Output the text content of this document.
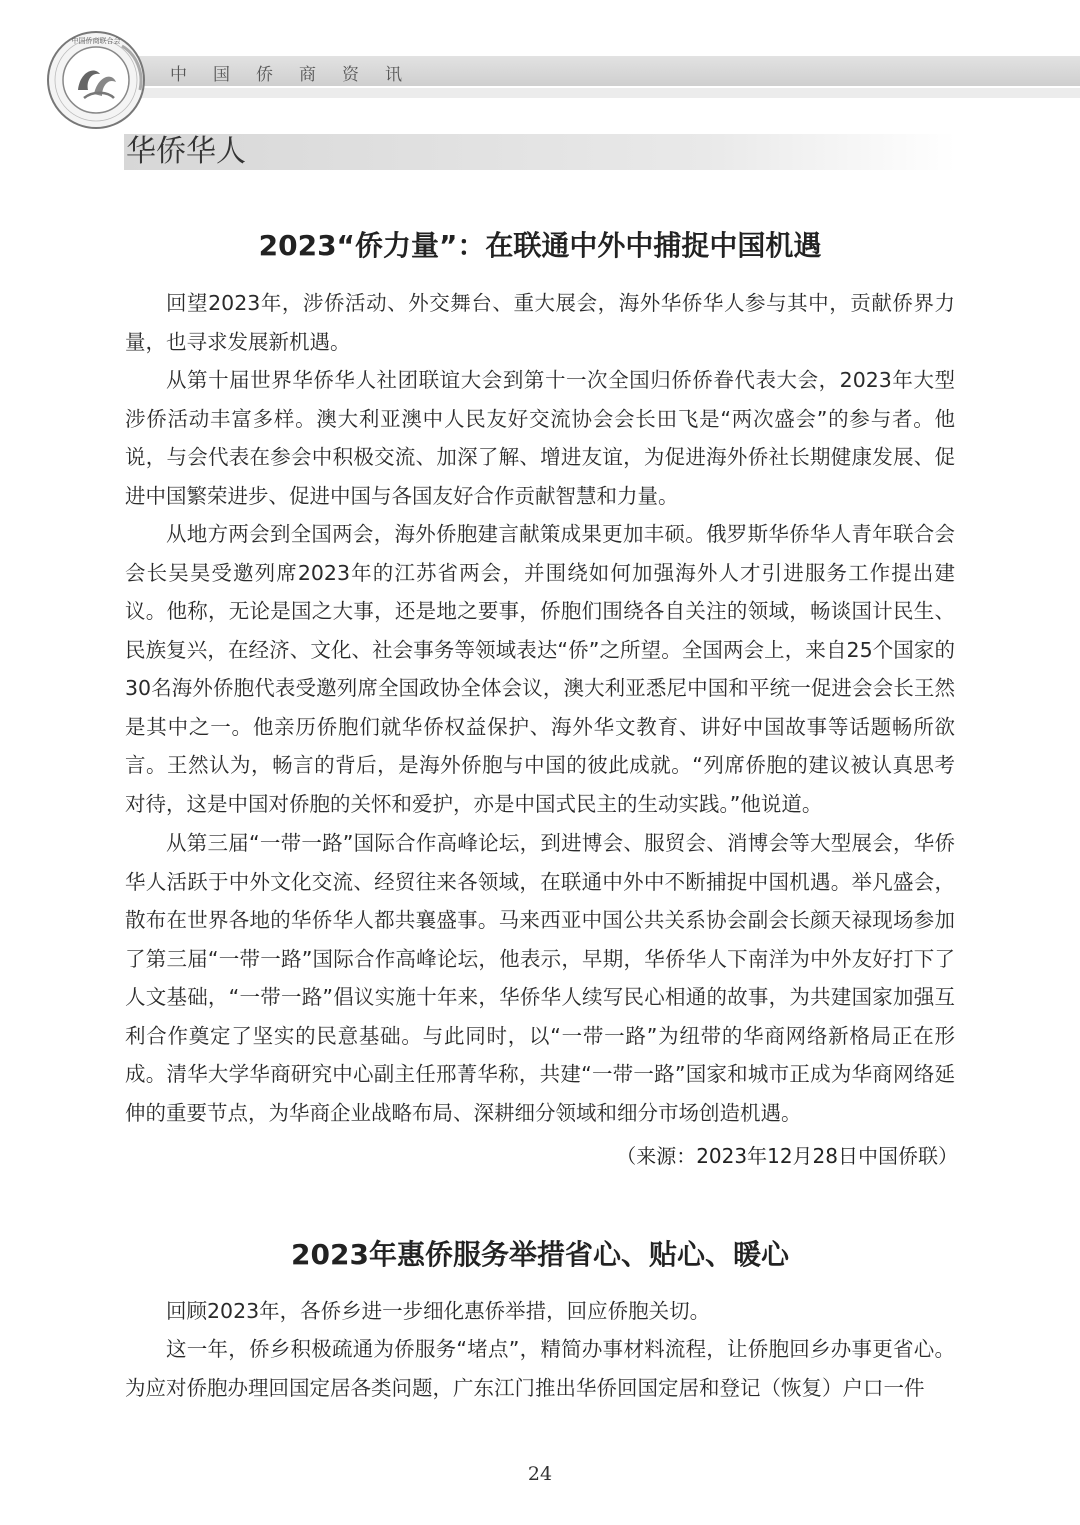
中国侨商资讯
中国侨商联合会
华侨华人
2023“侨力量”：在联通中外中捕捉中国机遇

回望2023年，涉侨活动、外交舞台、重大展会，海外华侨华人参与其中，贡献侨界力量，也寻求发展新机遇。

从第十届世界华侨华人社团联谊大会到第十一次全国归侨侨眷代表大会，2023年大型涉侨活动丰富多样。澳大利亚澳中人民友好交流协会会长田飞是“两次盛会”的参与者。他说，与会代表在参会中积极交流、加深了解、增进友谊，为促进海外侨社长期健康发展、促进中国繁荣进步、促进中国与各国友好合作贡献智慧和力量。

从地方两会到全国两会，海外侨胞建言献策成果更加丰硕。俄罗斯华侨华人青年联合会会长吴昊受邀列席2023年的江苏省两会，并围绕如何加强海外人才引进服务工作提出建议。他称，无论是国之大事，还是地之要事，侨胞们围绕各自关注的领域，畅谈国计民生、民族复兴，在经济、文化、社会事务等领域表达“侨”之所望。全国两会上，来自25个国家的30名海外侨胞代表受邀列席全国政协全体会议，澳大利亚悉尼中国和平统一促进会会长王然是其中之一。他亲历侨胞们就华侨权益保护、海外华文教育、讲好中国故事等话题畅所欲言。王然认为，畅言的背后，是海外侨胞与中国的彼此成就。“列席侨胞的建议被认真思考对待，这是中国对侨胞的关怀和爱护，亦是中国式民主的生动实践。”他说道。

从第三届“一带一路”国际合作高峰论坛，到进博会、服贸会、消博会等大型展会，华侨华人活跃于中外文化交流、经贸往来各领域，在联通中外中不断捕捉中国机遇。举凡盛会，散布在世界各地的华侨华人都共襄盛事。马来西亚中国公共关系协会副会长颜天禄现场参加了第三届“一带一路”国际合作高峰论坛，他表示，早期，华侨华人下南洋为中外友好打下了人文基础，“一带一路”倡议实施十年来，华侨华人续写民心相通的故事，为共建国家加强互利合作奠定了坚实的民意基础。与此同时，以“一带一路”为纽带的华商网络新格局正在形成。清华大学华商研究中心副主任邢菁华称，共建“一带一路”国家和城市正成为华商网络延伸的重要节点，为华商企业战略布局、深耕细分领域和细分市场创造机遇。

（来源：2023年12月28日中国侨联）
2023年惠侨服务举措省心、贴心、暖心

回顾2023年，各侨乡进一步细化惠侨举措，回应侨胞关切。

这一年，侨乡积极疏通为侨服务“堵点”，精简办事材料流程，让侨胞回乡办事更省心。为应对侨胞办理回国定居各类问题，广东江门推出华侨回国定居和登记（恢复）户口一件

24
